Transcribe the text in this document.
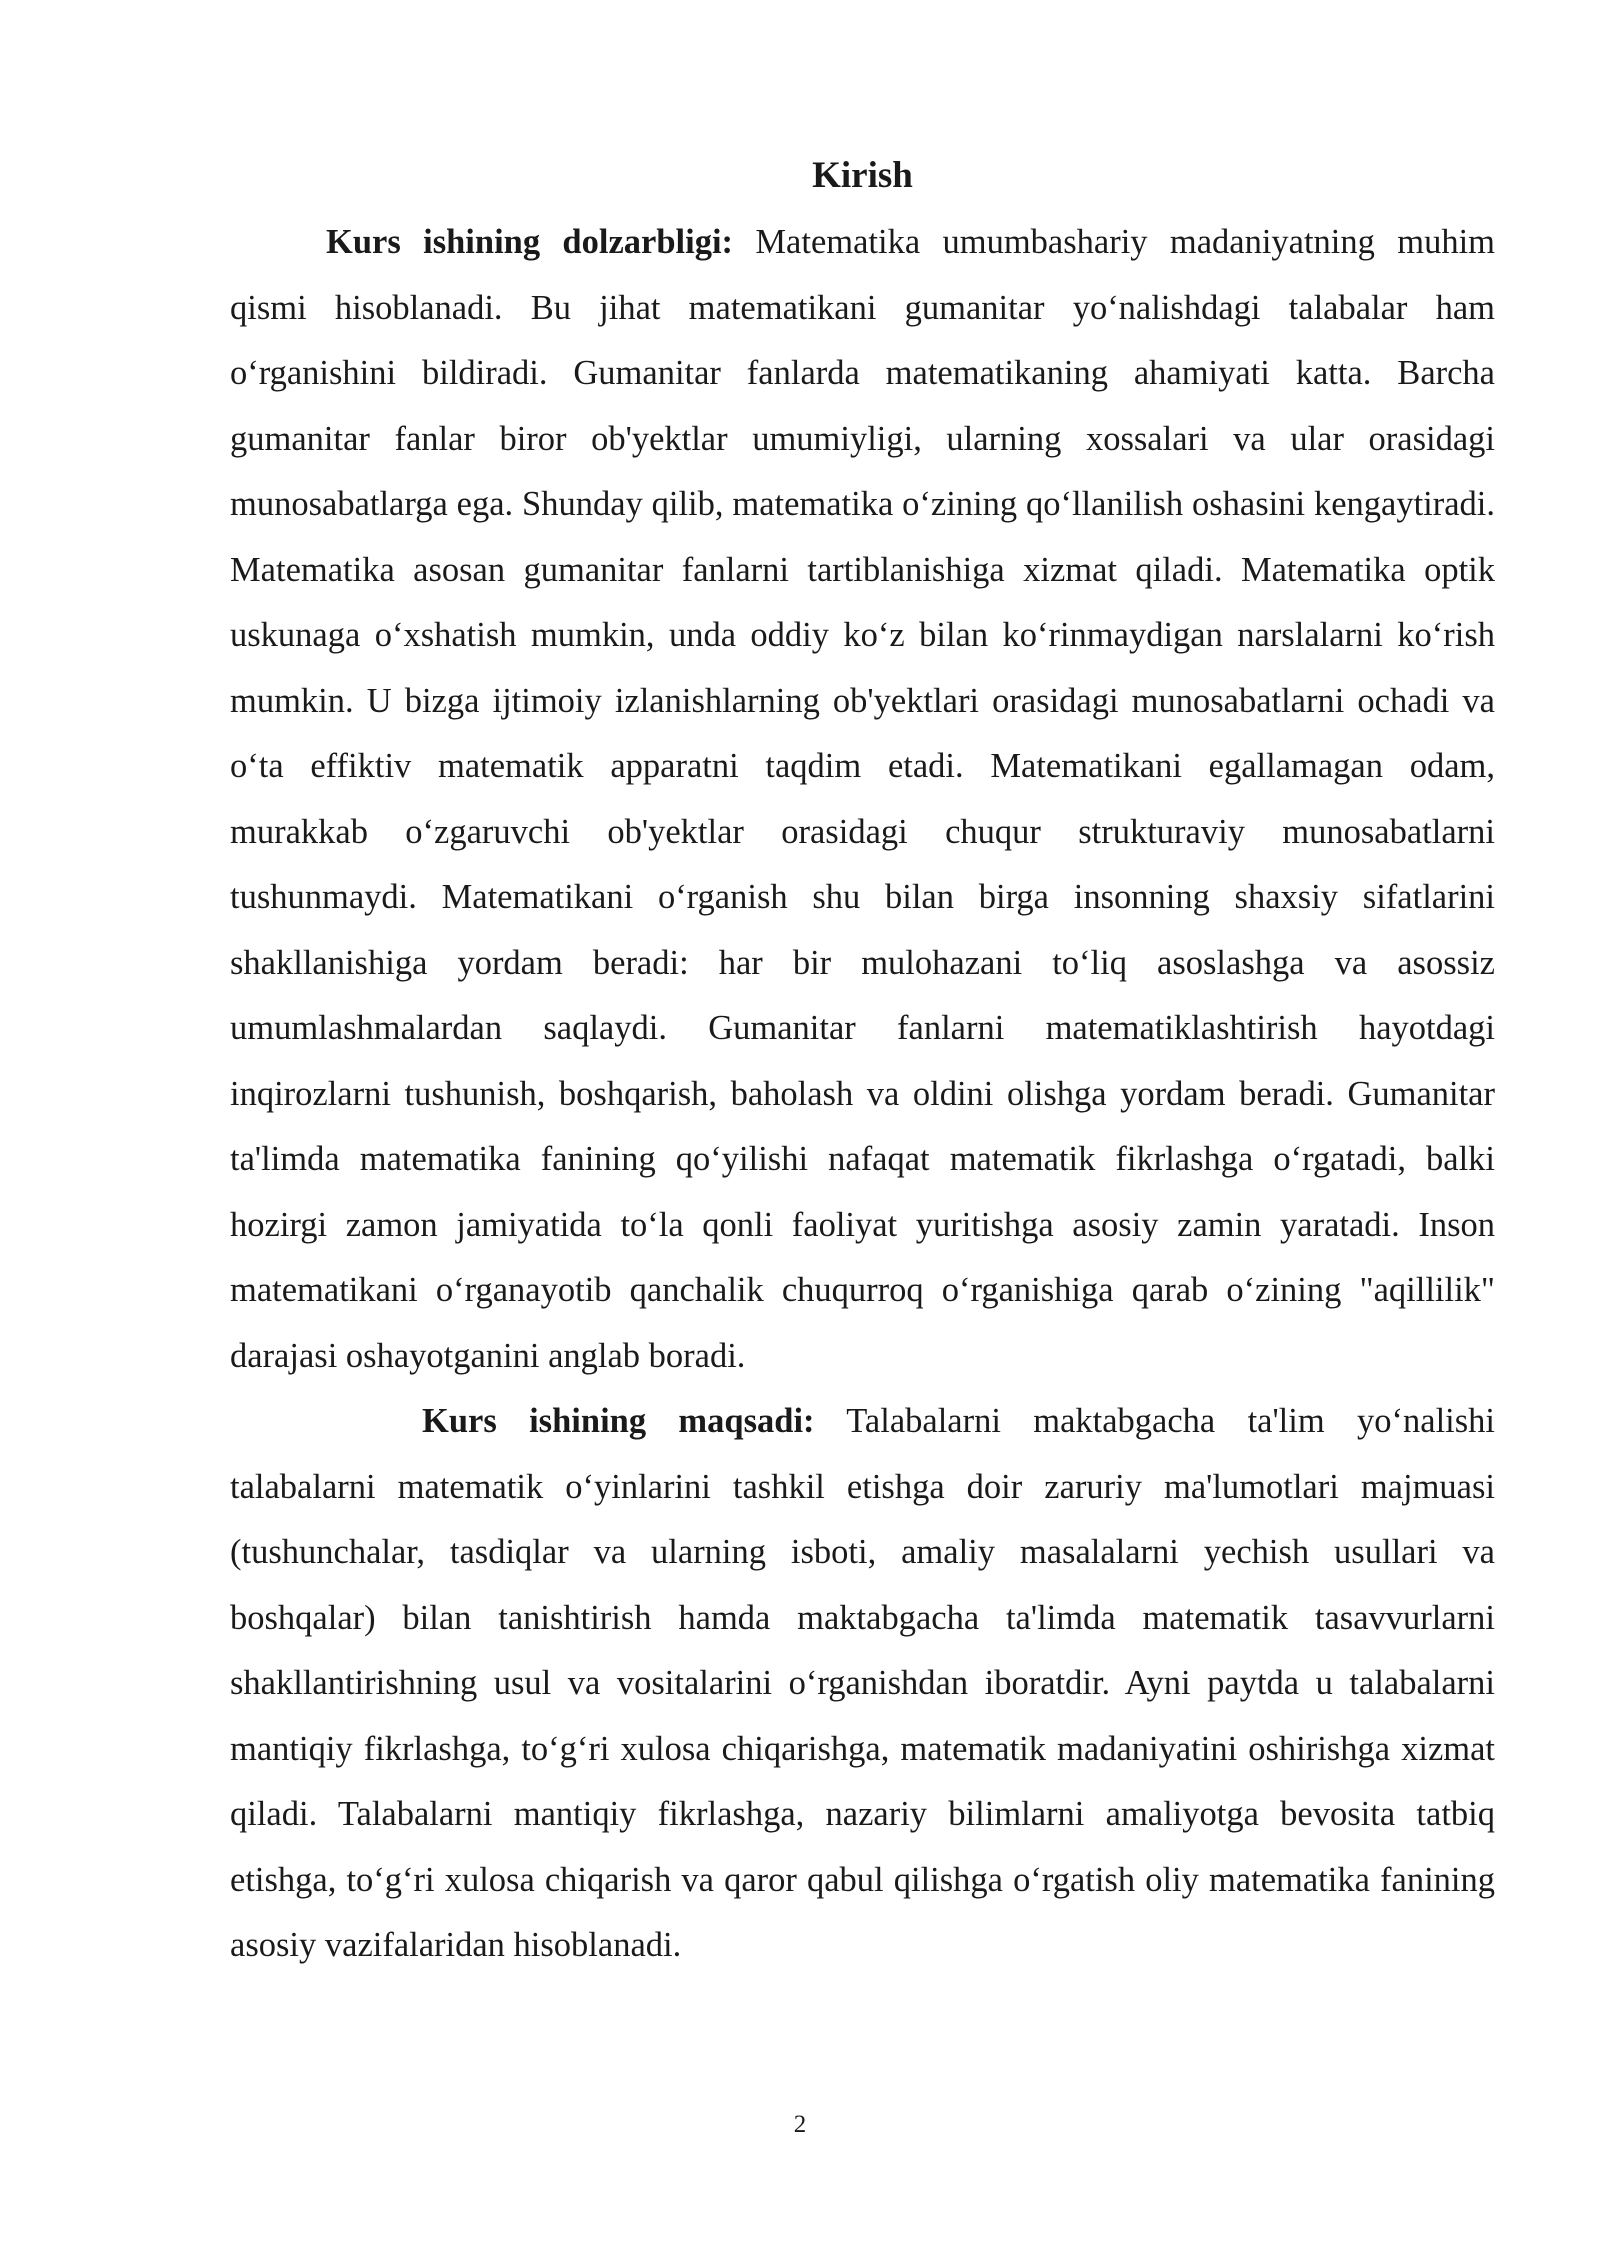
Kirish

Kurs ishining dolzarbligi: Matematika umumbashariy madaniyatning muhim qismi hisoblanadi. Bu jihat matematikani gumanitar yo‘nalishdagi talabalar ham o‘rganishini bildiradi. Gumanitar fanlarda matematikaning ahamiyati katta. Barcha gumanitar fanlar biror ob'yektlar umumiyligi, ularning xossalari va ular orasidagi munosabatlarga ega. Shunday qilib, matematika o‘zining qo‘llanilish oshasini kengaytiradi. Matematika asosan gumanitar fanlarni tartiblanishiga xizmat qiladi. Matematika optik uskunaga o‘xshatish mumkin, unda oddiy ko‘z bilan ko‘rinmaydigan narslalarni ko‘rish mumkin. U bizga ijtimoiy izlanishlarning ob'yektlari orasidagi munosabatlarni ochadi va o‘ta effiktiv matematik apparatni taqdim etadi. Matematikani egallamagan odam, murakkab o‘zgaruvchi ob'yektlar orasidagi chuqur strukturaviy munosabatlarni tushunmaydi. Matematikani o‘rganish shu bilan birga insonning shaxsiy sifatlarini shakllanishiga yordam beradi: har bir mulohazani to‘liq asoslashga va asossiz umumlashmalardan saqlaydi. Gumanitar fanlarni matematiklashtirish hayotdagi inqirozlarni tushunish, boshqarish, baholash va oldini olishga yordam beradi. Gumanitar ta'limda matematika fanining qo‘yilishi nafaqat matematik fikrlashga o‘rgatadi, balki hozirgi zamon jamiyatida to‘la qonli faoliyat yuritishga asosiy zamin yaratadi. Inson matematikani o‘rganayotib qanchalik chuqurroq o‘rganishiga qarab o‘zining "aqillilik" darajasi oshayotganini anglab boradi.

Kurs ishining maqsadi: Talabalarni maktabgacha ta'lim yo‘nalishi talabalarni matematik o‘yinlarini tashkil etishga doir zaruriy ma'lumotlari majmuasi (tushunchalar, tasdiqlar va ularning isboti, amaliy masalalarni yechish usullari va boshqalar) bilan tanishtirish hamda maktabgacha ta'limda matematik tasavvurlarni shakllantirishning usul va vositalarini o‘rganishdan iboratdir. Ayni paytda u talabalarni mantiqiy fikrlashga, to‘g‘ri xulosa chiqarishga, matematik madaniyatini oshirishga xizmat qiladi. Talabalarni mantiqiy fikrlashga, nazariy bilimlarni amaliyotga bevosita tatbiq etishga, to‘g‘ri xulosa chiqarish va qaror qabul qilishga o‘rgatish oliy matematika fanining asosiy vazifalaridan hisoblanadi.

2
